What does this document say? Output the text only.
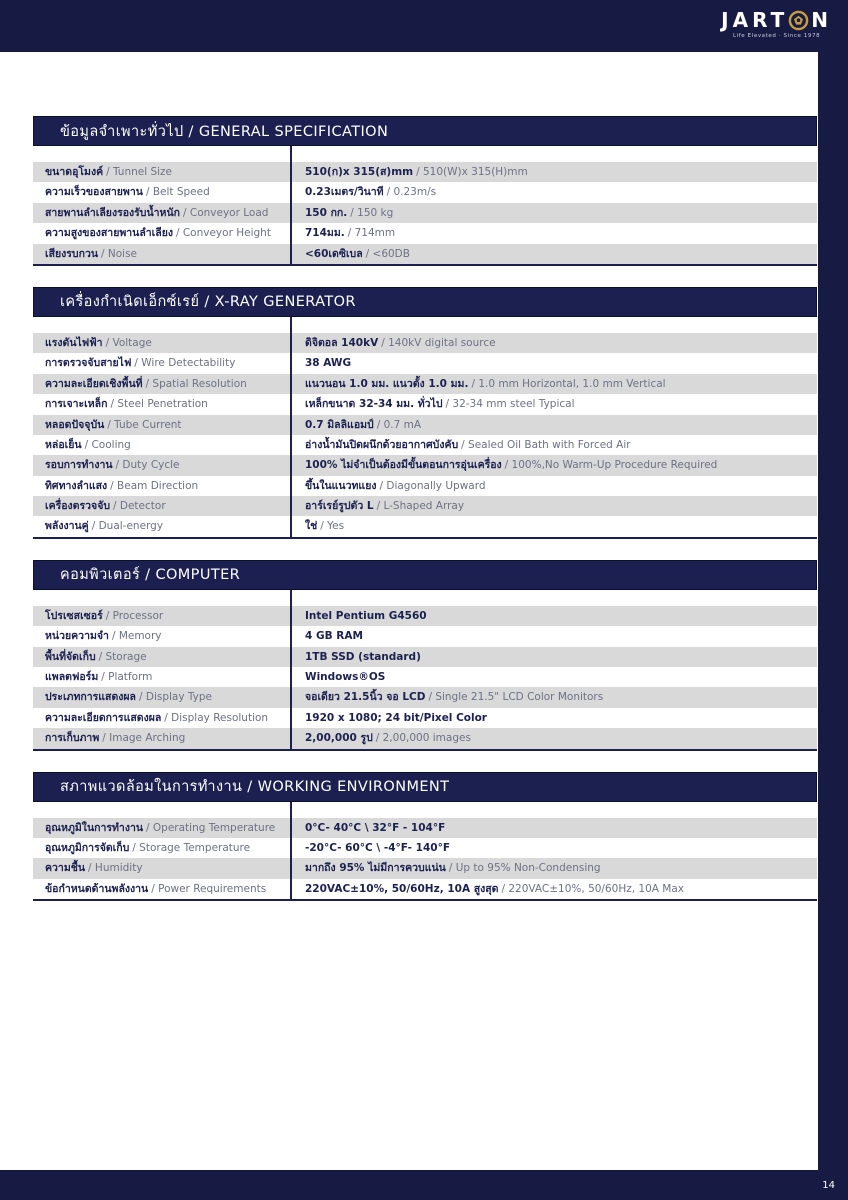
JART N
Life Elevated · Since 1978
ข้อมูลจำเพาะทั่วไป / GENERAL SPECIFICATION
ขนาดอุโมงค์ / Tunnel Size	510(ก)x 315(ส)mm / 510(W)x 315(H)mm
ความเร็วของสายพาน / Belt Speed	0.23เมตร/วินาที / 0.23m/s
สายพานลำเลียงรองรับน้ำหนัก / Conveyor Load	150 กก. / 150 kg
ความสูงของสายพานลำเลียง / Conveyor Height	714มม. / 714mm
เสียงรบกวน / Noise	<60เดซิเบล / <60DB
เครื่องกำเนิดเอ็กซ์เรย์ / X-RAY GENERATOR
แรงดันไฟฟ้า / Voltage	ดิจิตอล 140kV / 140kV digital source
การตรวจจับสายไฟ / Wire Detectability	38 AWG
ความละเอียดเชิงพื้นที่ / Spatial Resolution	แนวนอน 1.0 มม. แนวตั้ง 1.0 มม. / 1.0 mm Horizontal, 1.0 mm Vertical
การเจาะเหล็ก / Steel Penetration	เหล็กขนาด 32-34 มม. ทั่วไป / 32-34 mm steel Typical
หลอดปัจจุบัน / Tube Current	0.7 มิลลิแอมป์ / 0.7 mA
หล่อเย็น / Cooling	อ่างน้ำมันปิดผนึกด้วยอากาศบังคับ / Sealed Oil Bath with Forced Air
รอบการทำงาน / Duty Cycle	100% ไม่จำเป็นต้องมีขั้นตอนการอุ่นเครื่อง / 100%,No Warm-Up Procedure Required
ทิศทางลำแสง / Beam Direction	ขึ้นในแนวทแยง / Diagonally Upward
เครื่องตรวจจับ / Detector	อาร์เรย์รูปตัว L / L-Shaped Array
พลังงานคู่ / Dual-energy	ใช่ / Yes
คอมพิวเตอร์ / COMPUTER
โปรเซสเซอร์ / Processor	Intel Pentium G4560
หน่วยความจำ / Memory	4 GB RAM
พื้นที่จัดเก็บ / Storage	1TB SSD (standard)
แพลตฟอร์ม / Platform	Windows®OS
ประเภทการแสดงผล / Display Type	จอเดียว 21.5นิ้ว จอ LCD / Single 21.5" LCD Color Monitors
ความละเอียดการแสดงผล / Display Resolution	1920 x 1080; 24 bit/Pixel Color
การเก็บภาพ / Image Arching	2,00,000 รูป / 2,00,000 images
สภาพแวดล้อมในการทำงาน / WORKING ENVIRONMENT
อุณหภูมิในการทำงาน / Operating Temperature	0°C- 40°C \ 32°F - 104°F
อุณหภูมิการจัดเก็บ / Storage Temperature	-20°C- 60°C \ -4°F- 140°F
ความชื้น / Humidity	มากถึง 95% ไม่มีการควบแน่น / Up to 95% Non-Condensing
ข้อกำหนดด้านพลังงาน / Power Requirements	220VAC±10%, 50/60Hz, 10A สูงสุด / 220VAC±10%, 50/60Hz, 10A Max
14
